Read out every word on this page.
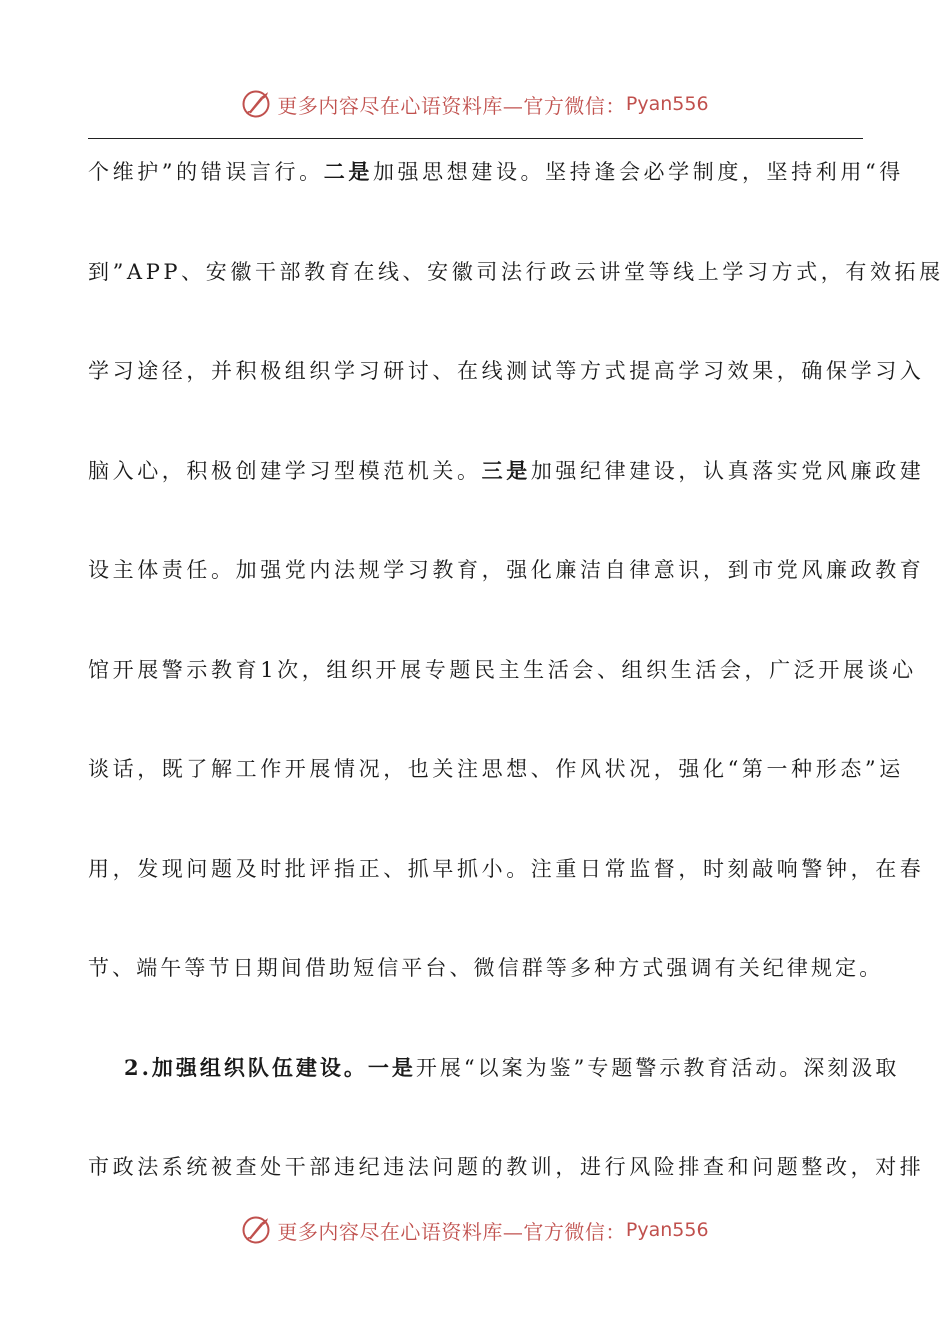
更多内容尽在心语资料库— 官方微信： Pyan556
个维护”的错误言行。二是加强思想建设。坚持逢会必学制度，坚持利用“得
到”APP、安徽干部教育在线、安徽司法行政云讲堂等线上学习方式，有效拓展
学习途径，并积极组织学习研讨、在线测试等方式提高学习效果，确保学习入
脑入心，积极创建学习型模范机关。三是加强纪律建设，认真落实党风廉政建
设主体责任。加强党内法规学习教育，强化廉洁自律意识，到市党风廉政教育
馆开展警示教育1次，组织开展专题民主生活会、组织生活会，广泛开展谈心
谈话，既了解工作开展情况，也关注思想、作风状况，强化“第一种形态”运
用，发现问题及时批评指正、抓早抓小。注重日常监督，时刻敲响警钟，在春
节、端午等节日期间借助短信平台、微信群等多种方式强调有关纪律规定。
2.加强组织队伍建设。一是开展“以案为鉴”专题警示教育活动。深刻汲取
市政法系统被查处干部违纪违法问题的教训，进行风险排查和问题整改，对排
更多内容尽在心语资料库— 官方微信： Pyan556
